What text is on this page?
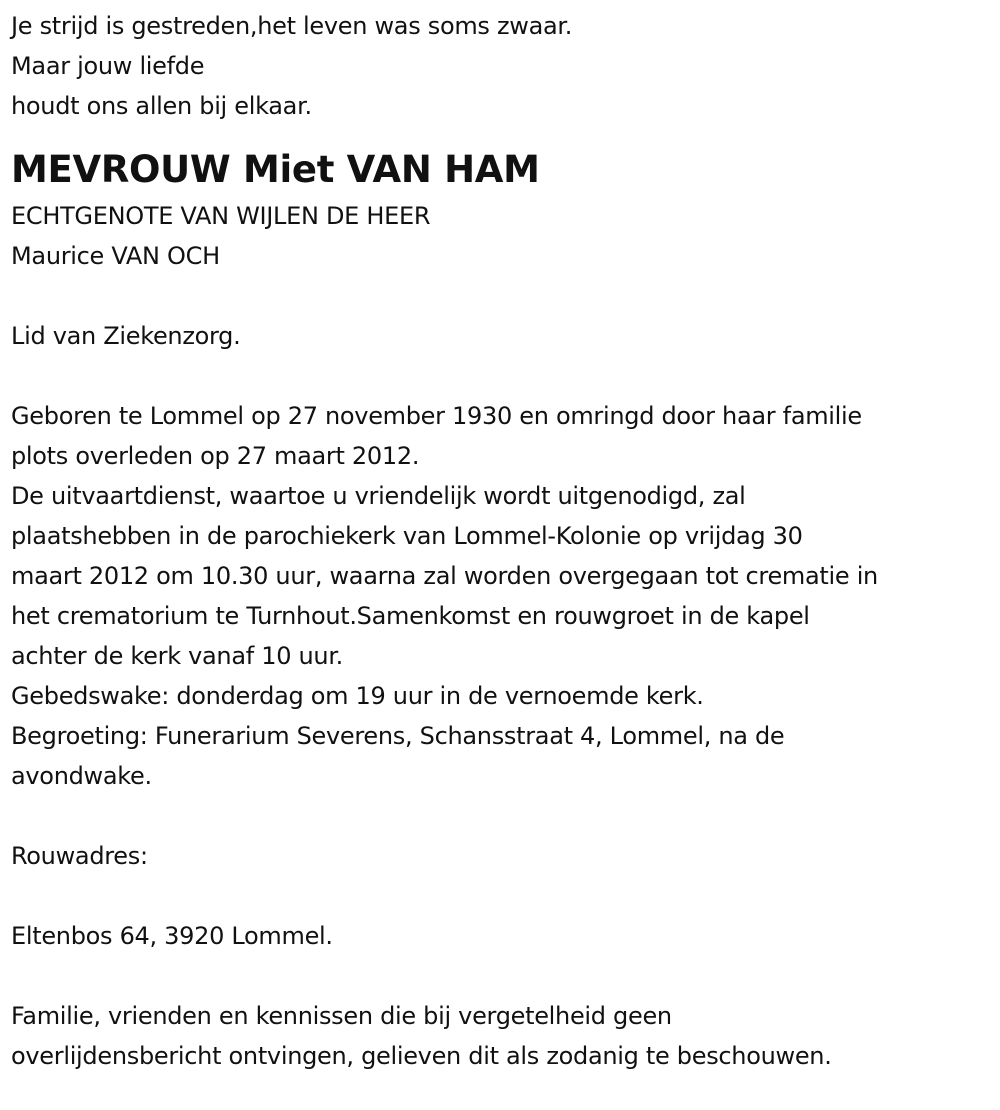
Je strijd is gestreden,het leven was soms zwaar.
Maar jouw liefde
houdt ons allen bij elkaar.
MEVROUW Miet VAN HAM
ECHTGENOTE VAN WIJLEN DE HEER
Maurice VAN OCH
Lid van Ziekenzorg.
Geboren te Lommel op 27 november 1930 en omringd door haar familie
plots overleden op 27 maart 2012.
De uitvaartdienst, waartoe u vriendelijk wordt uitgenodigd, zal
plaatshebben in de parochiekerk van Lommel-Kolonie op vrijdag 30
maart 2012 om 10.30 uur, waarna zal worden overgegaan tot crematie in
het crematorium te Turnhout.Samenkomst en rouwgroet in de kapel
achter de kerk vanaf 10 uur.
Gebedswake: donderdag om 19 uur in de vernoemde kerk.
Begroeting: Funerarium Severens, Schansstraat 4, Lommel, na de
avondwake.
Rouwadres:
Eltenbos 64, 3920 Lommel.
Familie, vrienden en kennissen die bij vergetelheid geen
overlijdensbericht ontvingen, gelieven dit als zodanig te beschouwen.
